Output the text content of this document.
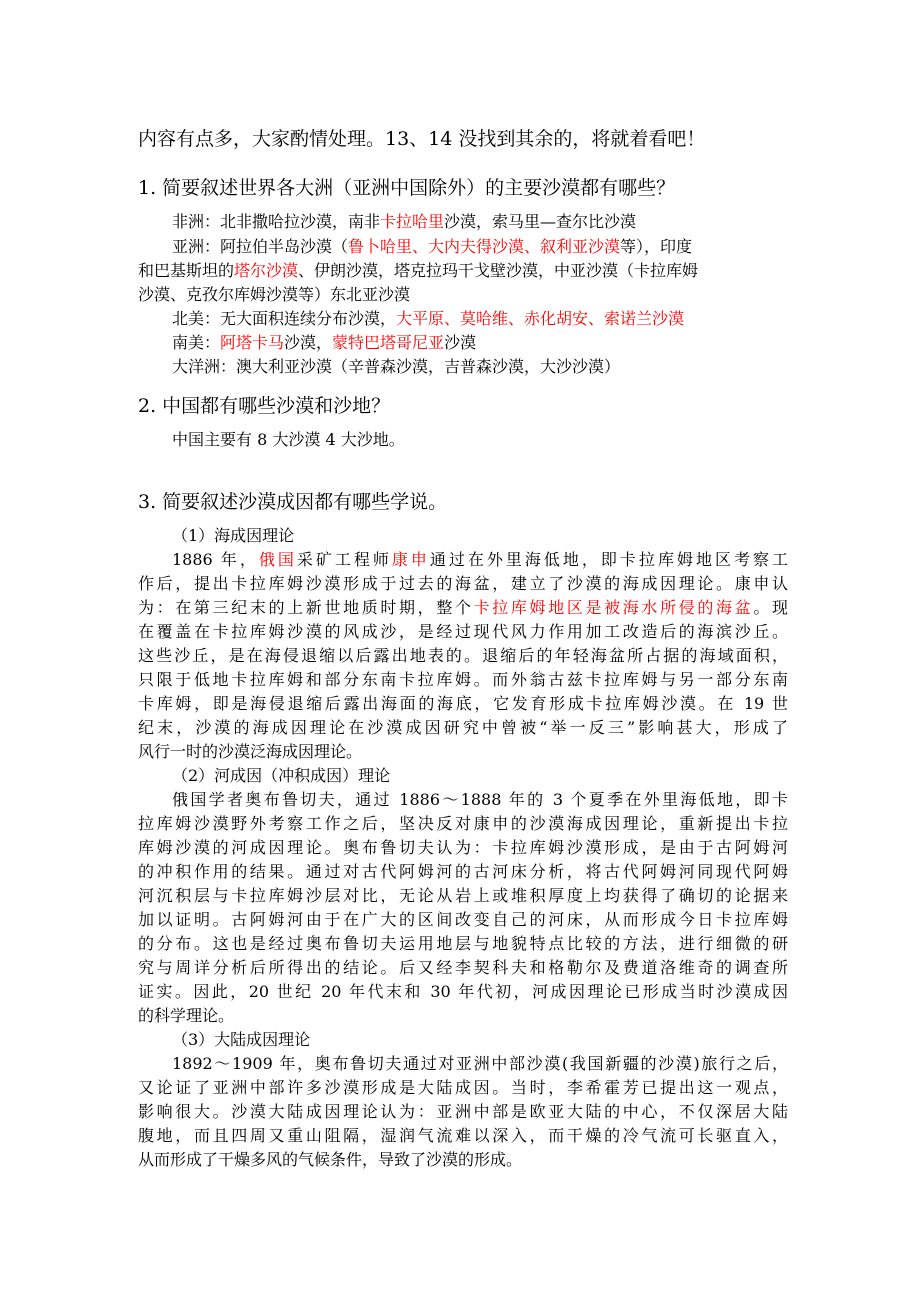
内容有点多，大家酌情处理。13、14 没找到其余的，将就着看吧！
1. 简要叙述世界各大洲（亚洲中国除外）的主要沙漠都有哪些？
非洲：北非撒哈拉沙漠，南非卡拉哈里沙漠，索马里—查尔比沙漠
亚洲：阿拉伯半岛沙漠（鲁卜哈里、大内夫得沙漠、叙利亚沙漠等），印度
和巴基斯坦的塔尔沙漠、伊朗沙漠，塔克拉玛干戈壁沙漠，中亚沙漠（卡拉库姆
沙漠、克孜尔库姆沙漠等）东北亚沙漠
北美：无大面积连续分布沙漠，大平原、莫哈维、赤化胡安、索诺兰沙漠
南美：阿塔卡马沙漠，蒙特巴塔哥尼亚沙漠
大洋洲：澳大利亚沙漠（辛普森沙漠，吉普森沙漠，大沙沙漠）
2. 中国都有哪些沙漠和沙地？
中国主要有 8 大沙漠 4 大沙地。
3. 简要叙述沙漠成因都有哪些学说。
（1）海成因理论
1886 年，俄国采矿工程师康申通过在外里海低地，即卡拉库姆地区考察工
作后，提出卡拉库姆沙漠形成于过去的海盆，建立了沙漠的海成因理论。康申认
为：在第三纪末的上新世地质时期，整个卡拉库姆地区是被海水所侵的海盆。现
在覆盖在卡拉库姆沙漠的风成沙，是经过现代风力作用加工改造后的海滨沙丘。
这些沙丘，是在海侵退缩以后露出地表的。退缩后的年轻海盆所占据的海域面积，
只限于低地卡拉库姆和部分东南卡拉库姆。而外翁古兹卡拉库姆与另一部分东南
卡库姆，即是海侵退缩后露出海面的海底，它发育形成卡拉库姆沙漠。在 19 世
纪末，沙漠的海成因理论在沙漠成因研究中曾被“举一反三”影响甚大，形成了
风行一时的沙漠泛海成因理论。
（2）河成因（冲积成因）理论
俄国学者奥布鲁切夫，通过 1886～1888 年的 3 个夏季在外里海低地，即卡
拉库姆沙漠野外考察工作之后，坚决反对康申的沙漠海成因理论，重新提出卡拉
库姆沙漠的河成因理论。奥布鲁切夫认为：卡拉库姆沙漠形成，是由于古阿姆河
的冲积作用的结果。通过对古代阿姆河的古河床分析，将古代阿姆河同现代阿姆
河沉积层与卡拉库姆沙层对比，无论从岩上或堆积厚度上均获得了确切的论据来
加以证明。古阿姆河由于在广大的区间改变自己的河床，从而形成今日卡拉库姆
的分布。这也是经过奥布鲁切夫运用地层与地貌特点比较的方法，进行细微的研
究与周详分析后所得出的结论。后又经李契科夫和格勒尔及费道洛维奇的调查所
证实。因此，20 世纪 20 年代末和 30 年代初，河成因理论已形成当时沙漠成因
的科学理论。
（3）大陆成因理论
1892～1909 年，奥布鲁切夫通过对亚洲中部沙漠(我国新疆的沙漠)旅行之后，
又论证了亚洲中部许多沙漠形成是大陆成因。当时，李希霍芳已提出这一观点，
影响很大。沙漠大陆成因理论认为：亚洲中部是欧亚大陆的中心，不仅深居大陆
腹地，而且四周又重山阻隔，湿润气流难以深入，而干燥的冷气流可长驱直入，
从而形成了干燥多风的气候条件，导致了沙漠的形成。
